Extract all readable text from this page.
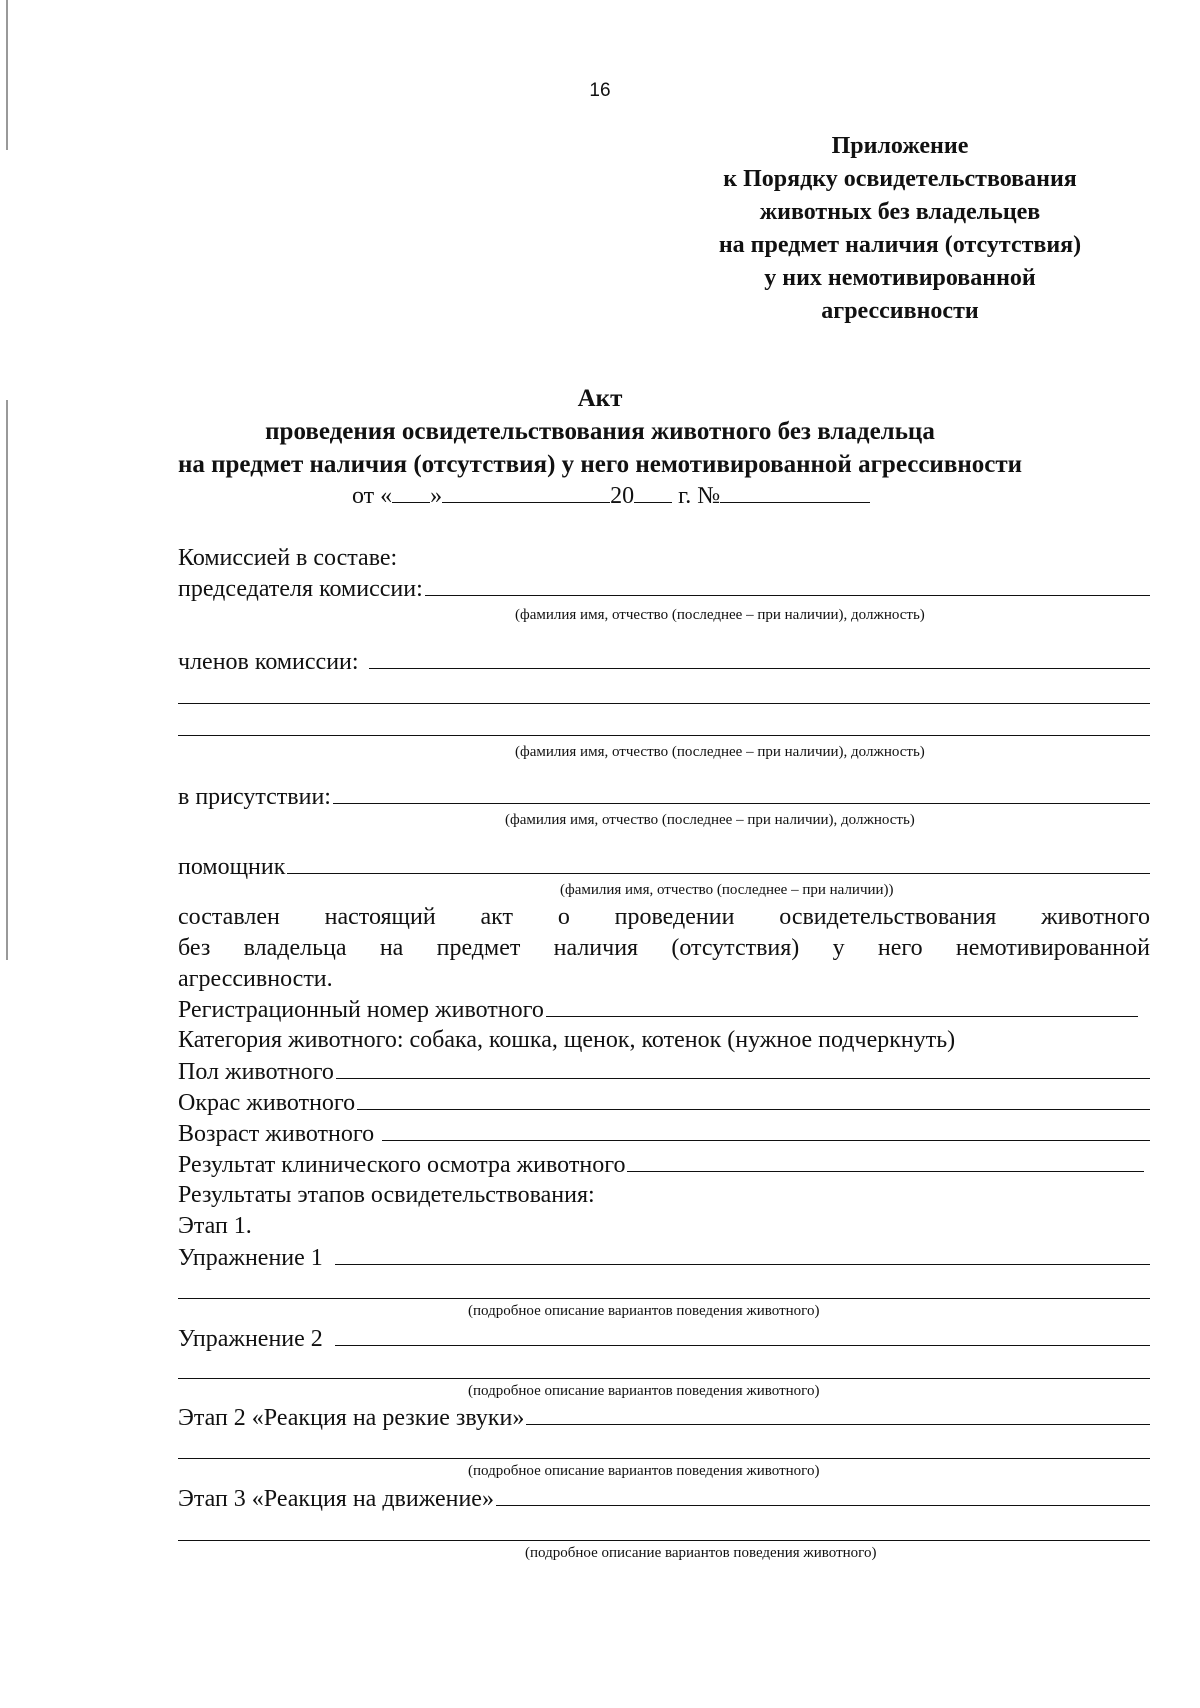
16
Приложение
к Порядку освидетельствования
животных без владельцев
на предмет наличия (отсутствия)
у них немотивированной
агрессивности
Акт
проведения освидетельствования животного без владельца
на предмет наличия (отсутствия) у него немотивированной агрессивности
от « »	20 г. №
Комиссией в составе:
председателя комиссии:
(фамилия имя, отчество (последнее – при наличии), должность)
членов комиссии:
(фамилия имя, отчество (последнее – при наличии), должность)
в присутствии:
(фамилия имя, отчество (последнее – при наличии), должность)
помощник
(фамилия имя, отчество (последнее – при наличии))
составлен настоящий акт о проведении освидетельствования животного
без владельца на предмет наличия (отсутствия) у него немотивированной
агрессивности.
Регистрационный номер животного
Категория животного: собака, кошка, щенок, котенок (нужное подчеркнуть)
Пол животного
Окрас животного
Возраст животного
Результат клинического осмотра животного
Результаты этапов освидетельствования:
Этап 1.
Упражнение 1
(подробное описание вариантов поведения животного)
Упражнение 2
(подробное описание вариантов поведения животного)
Этап 2 «Реакция на резкие звуки»
(подробное описание вариантов поведения животного)
Этап 3 «Реакция на движение»
(подробное описание вариантов поведения животного)
